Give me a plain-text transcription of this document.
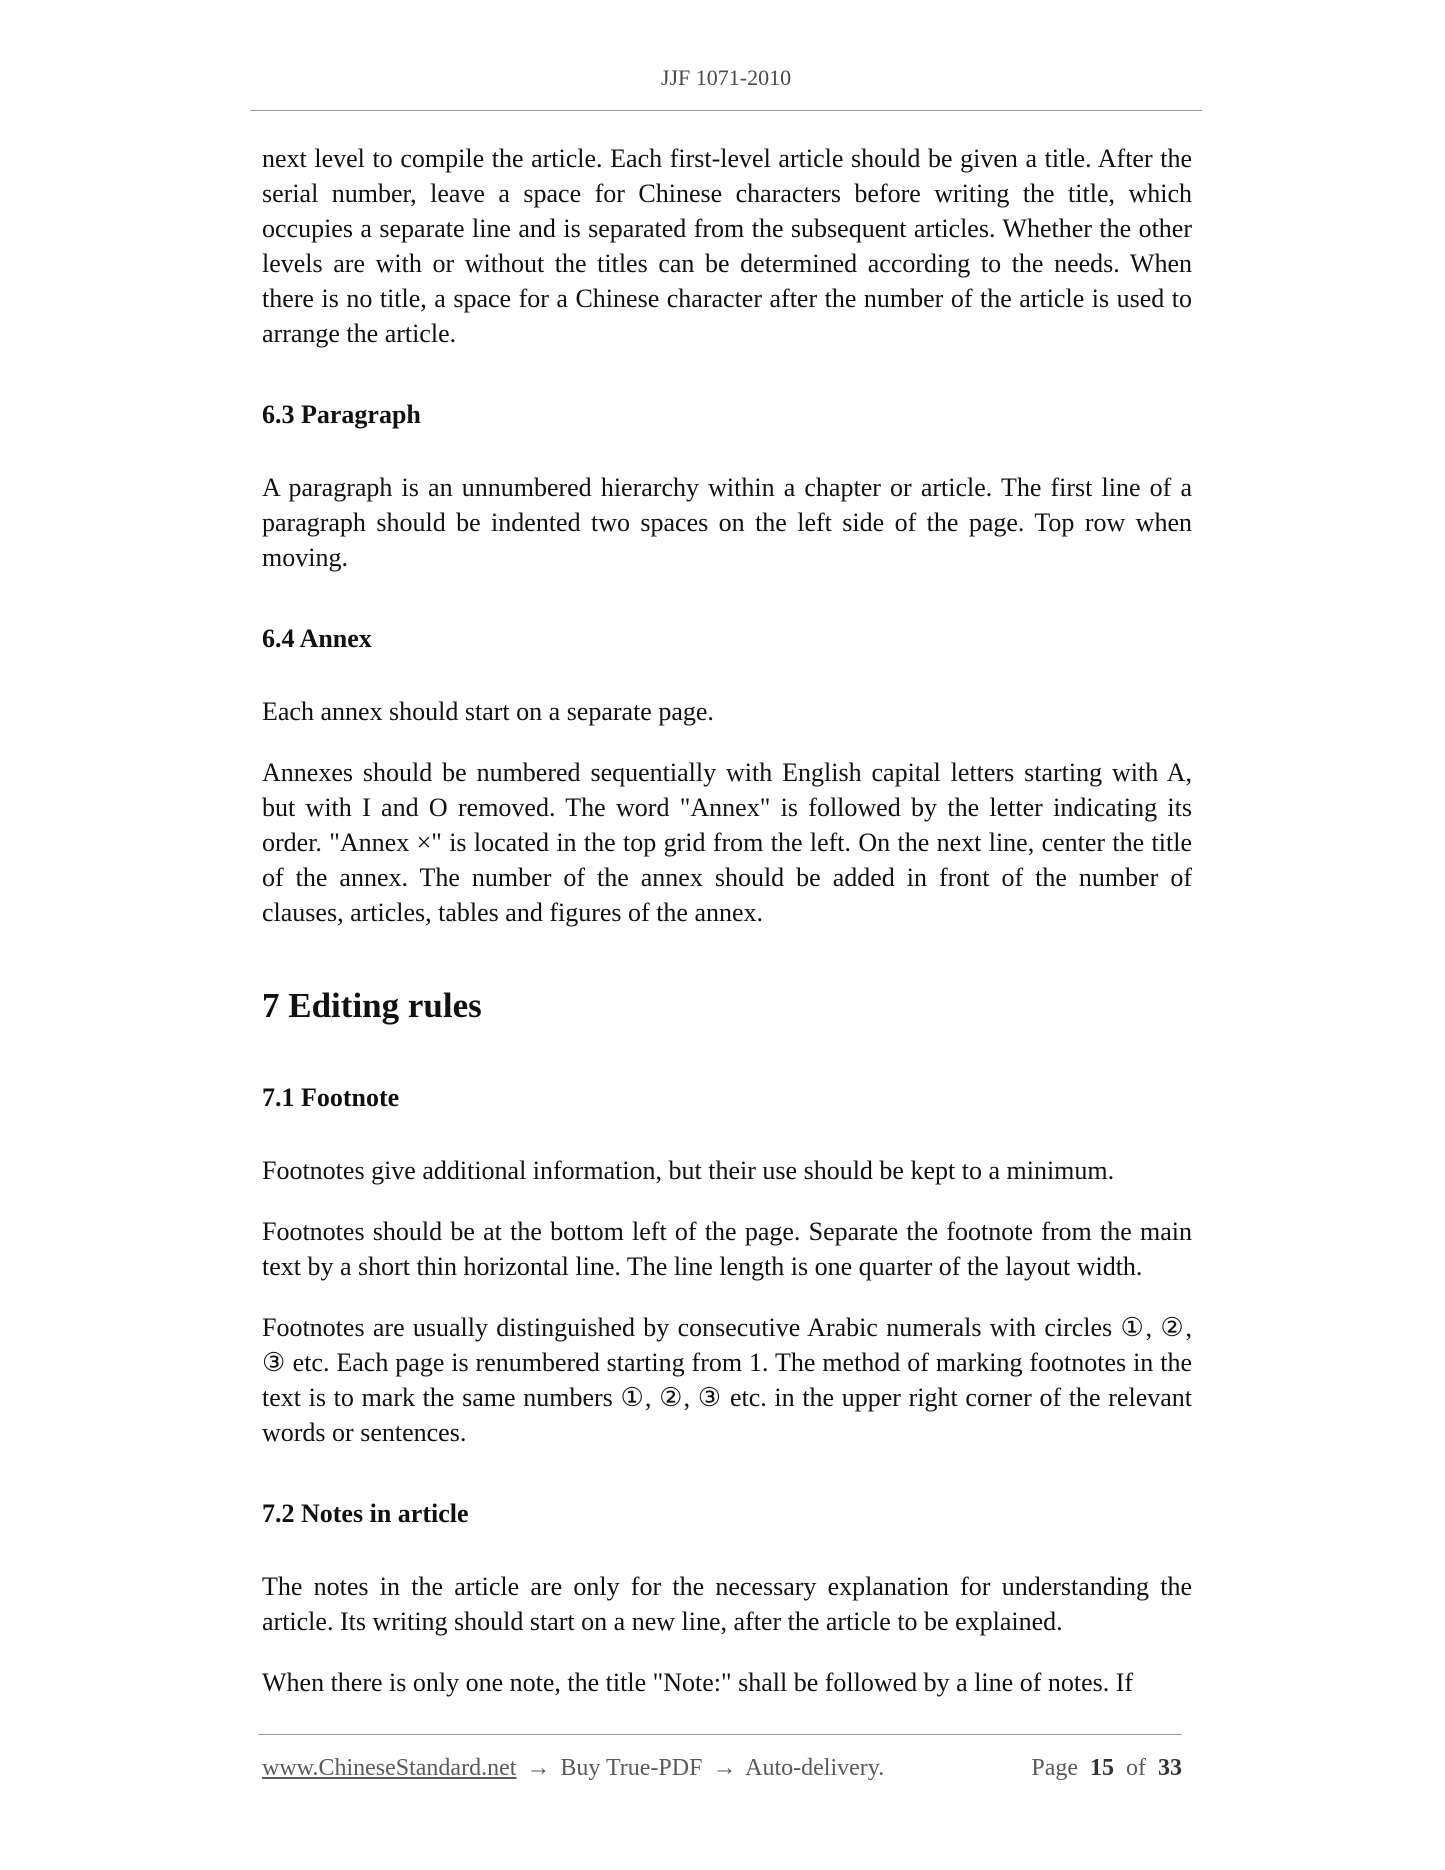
JJF 1071-2010

next level to compile the article. Each first-level article should be given a title. After the serial number, leave a space for Chinese characters before writing the title, which occupies a separate line and is separated from the subsequent articles. Whether the other levels are with or without the titles can be determined according to the needs. When there is no title, a space for a Chinese character after the number of the article is used to arrange the article.

6.3 Paragraph

A paragraph is an unnumbered hierarchy within a chapter or article. The first line of a paragraph should be indented two spaces on the left side of the page. Top row when moving.

6.4 Annex

Each annex should start on a separate page.

Annexes should be numbered sequentially with English capital letters starting with A, but with I and O removed. The word "Annex" is followed by the letter indicating its order. "Annex ×" is located in the top grid from the left. On the next line, center the title of the annex. The number of the annex should be added in front of the number of clauses, articles, tables and figures of the annex.

7 Editing rules
7.1 Footnote

Footnotes give additional information, but their use should be kept to a minimum.

Footnotes should be at the bottom left of the page. Separate the footnote from the main text by a short thin horizontal line. The line length is one quarter of the layout width.

Footnotes are usually distinguished by consecutive Arabic numerals with circles ①, ②, ③ etc. Each page is renumbered starting from 1. The method of marking footnotes in the text is to mark the same numbers ①, ②, ③ etc. in the upper right corner of the relevant words or sentences.

7.2 Notes in article

The notes in the article are only for the necessary explanation for understanding the article. Its writing should start on a new line, after the article to be explained.

When there is only one note, the title "Note:" shall be followed by a line of notes. If

www.ChineseStandard.net → Buy True-PDF → Auto-delivery.	Page 15 of 33
